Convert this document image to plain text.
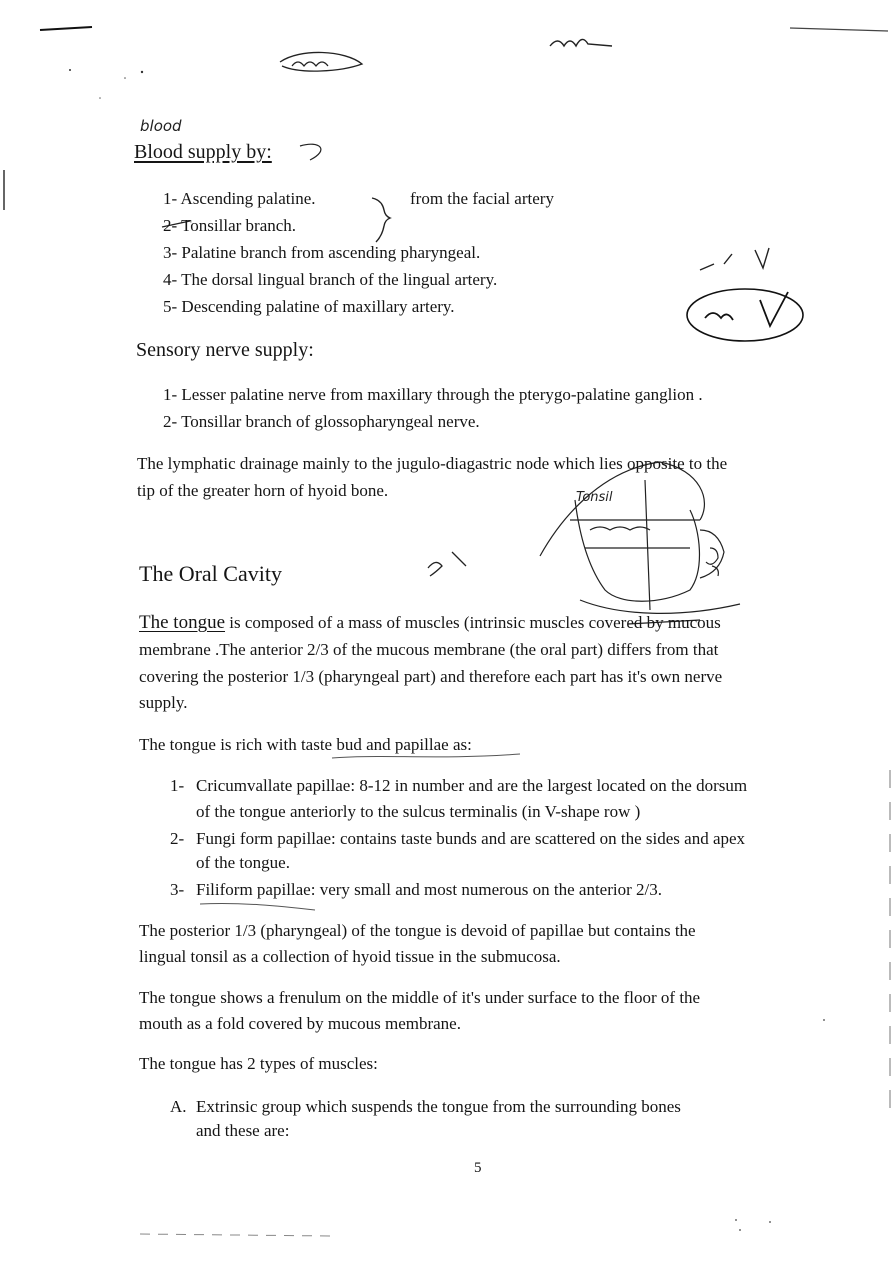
blood
Blood supply by:
1- Ascending palatine.	from the facial artery
2- Tonsillar branch.
3- Palatine branch from ascending pharyngeal.
4- The dorsal lingual branch of the lingual artery.
5- Descending palatine of maxillary artery.
Sensory nerve supply:
1- Lesser palatine nerve from maxillary through the pterygo-palatine ganglion .
2- Tonsillar branch of glossopharyngeal nerve.
The lymphatic drainage mainly to the jugulo-diagastric node which lies opposite to the
tip of the greater horn of hyoid bone.	Tonsil
The Oral Cavity
The tongue is composed of a mass of muscles (intrinsic muscles covered by mucous
membrane .The anterior 2/3 of the mucous membrane (the oral part) differs from that
covering the posterior 1/3 (pharyngeal part) and therefore each part has it's own nerve
supply.
The tongue is rich with taste bud and papillae as:
1- Cricumvallate papillae: 8-12 in number and are the largest located on the dorsum
of the tongue anteriorly to the sulcus terminalis (in V-shape row )
2- Fungi form papillae: contains taste bunds and are scattered on the sides and apex
of the tongue.
3- Filiform papillae: very small and most numerous on the anterior 2/3.
The posterior 1/3 (pharyngeal) of the tongue is devoid of papillae but contains the
lingual tonsil as a collection of hyoid tissue in the submucosa.
The tongue shows a frenulum on the middle of it's under surface to the floor of the
mouth as a fold covered by mucous membrane.
The tongue has 2 types of muscles:
A. Extrinsic group which suspends the tongue from the surrounding bones
and these are:
5
